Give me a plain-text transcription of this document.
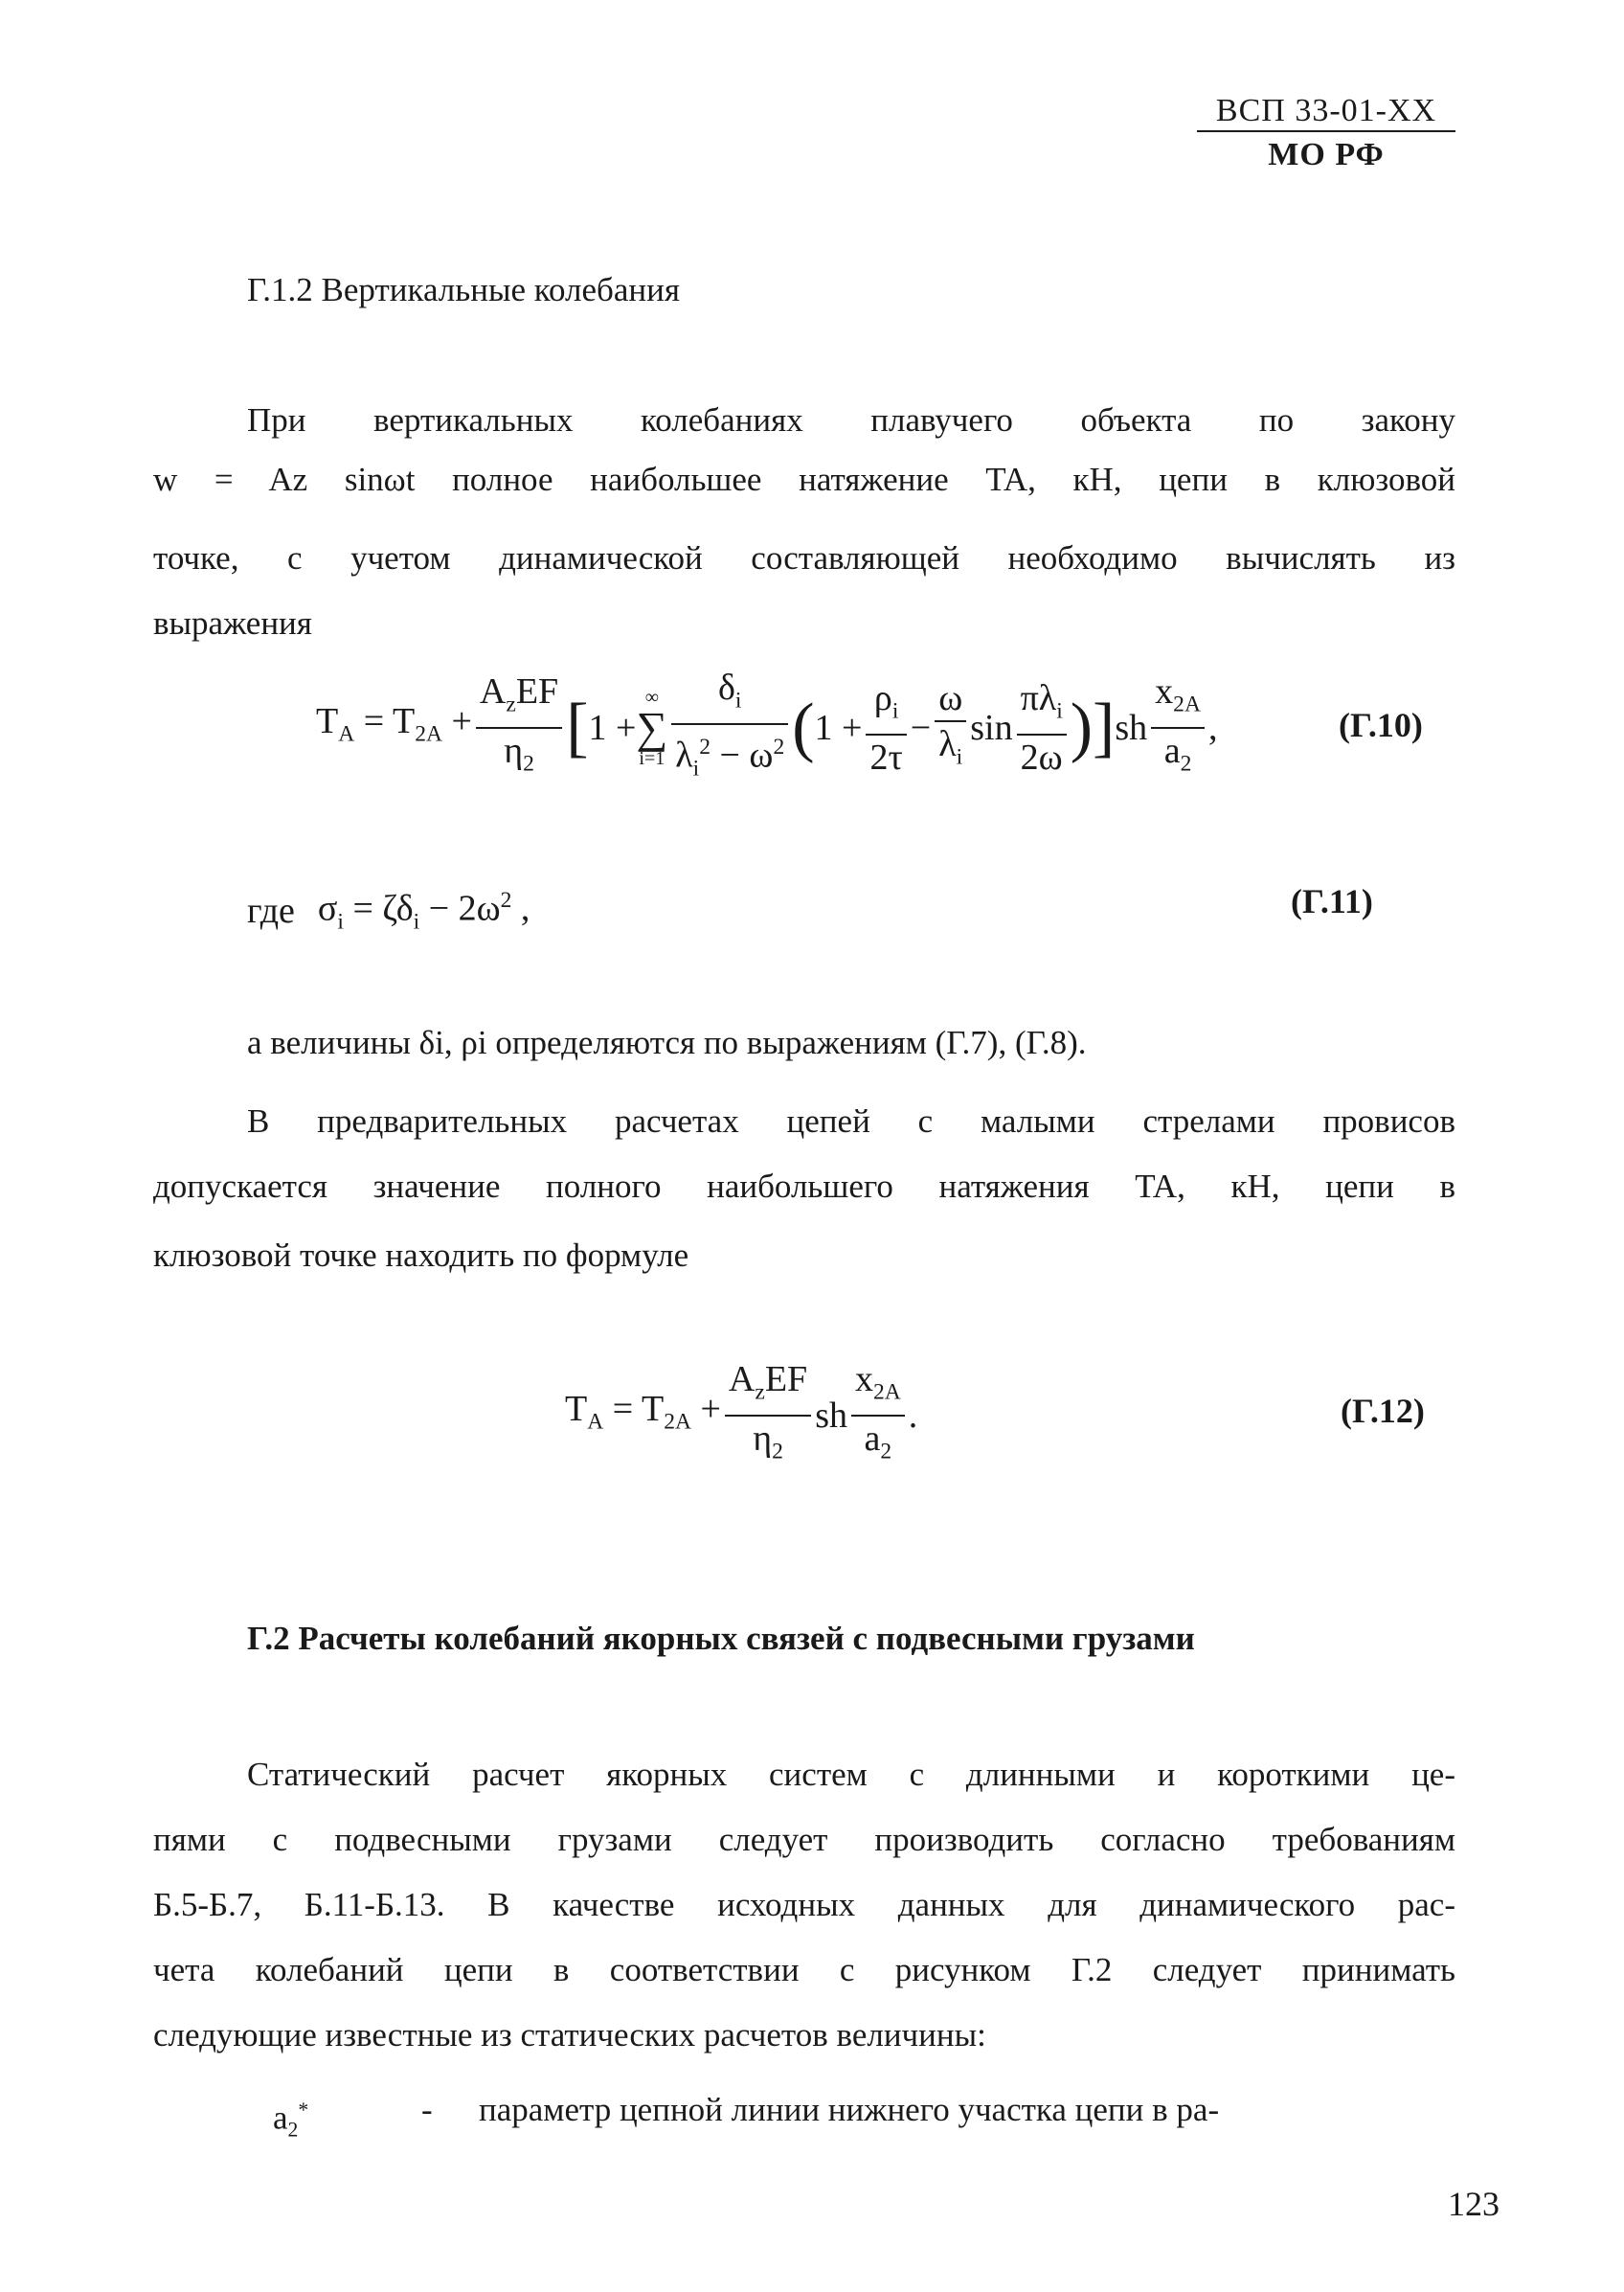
ВСП 33-01-ХХ
МО РФ
Г.1.2 Вертикальные колебания
При вертикальных колебаниях плавучего объекта по закону
w = Az sinωt полное наибольшее натяжение TA, кН, цепи в клюзовой
точке, с учетом динамической составляющей необходимо вычислять из
выражения
$T_A = T_{2A} + \frac{A_zEF}{\eta_2}$ [ 1 +
∞
∑
$i=1 \frac{\delta_i}{\lambda_i^2 - \omega^2}$ ( $1 + \frac{\rho_i}{2\tau} - \frac{\omega}{\lambda_i}$ $\sin \frac{\pi\lambda_i}{2\omega}$ )] sh $\frac{x_{2A}}{a_2}$ ,	(Г.10)
где $\sigma_i = \zeta\delta_i - 2\omega^2$ ,	(Г.11)
а величины δi, ρi определяются по выражениям (Г.7), (Г.8).
В предварительных расчетах цепей с малыми стрелами провисов
допускается значение полного наибольшего натяжения TA, кН, цепи в
клюзовой точке находить по формуле
$T_A = T_{2A} + \frac{A_zEF}{\eta_2}$ sh $\frac{x_{2A}}{a_2}$ .	(Г.12)
Г.2 Расчеты колебаний якорных связей с подвесными грузами
Статический расчет якорных систем с длинными и короткими це-
пями с подвесными грузами следует производить согласно требованиям
Б.5-Б.7, Б.11-Б.13. В качестве исходных данных для динамического рас-
чета колебаний цепи в соответствии с рисунком Г.2 следует принимать
следующие известные из статических расчетов величины:
$a_2^*$	- параметр цепной линии нижнего участка цепи в ра-
123
